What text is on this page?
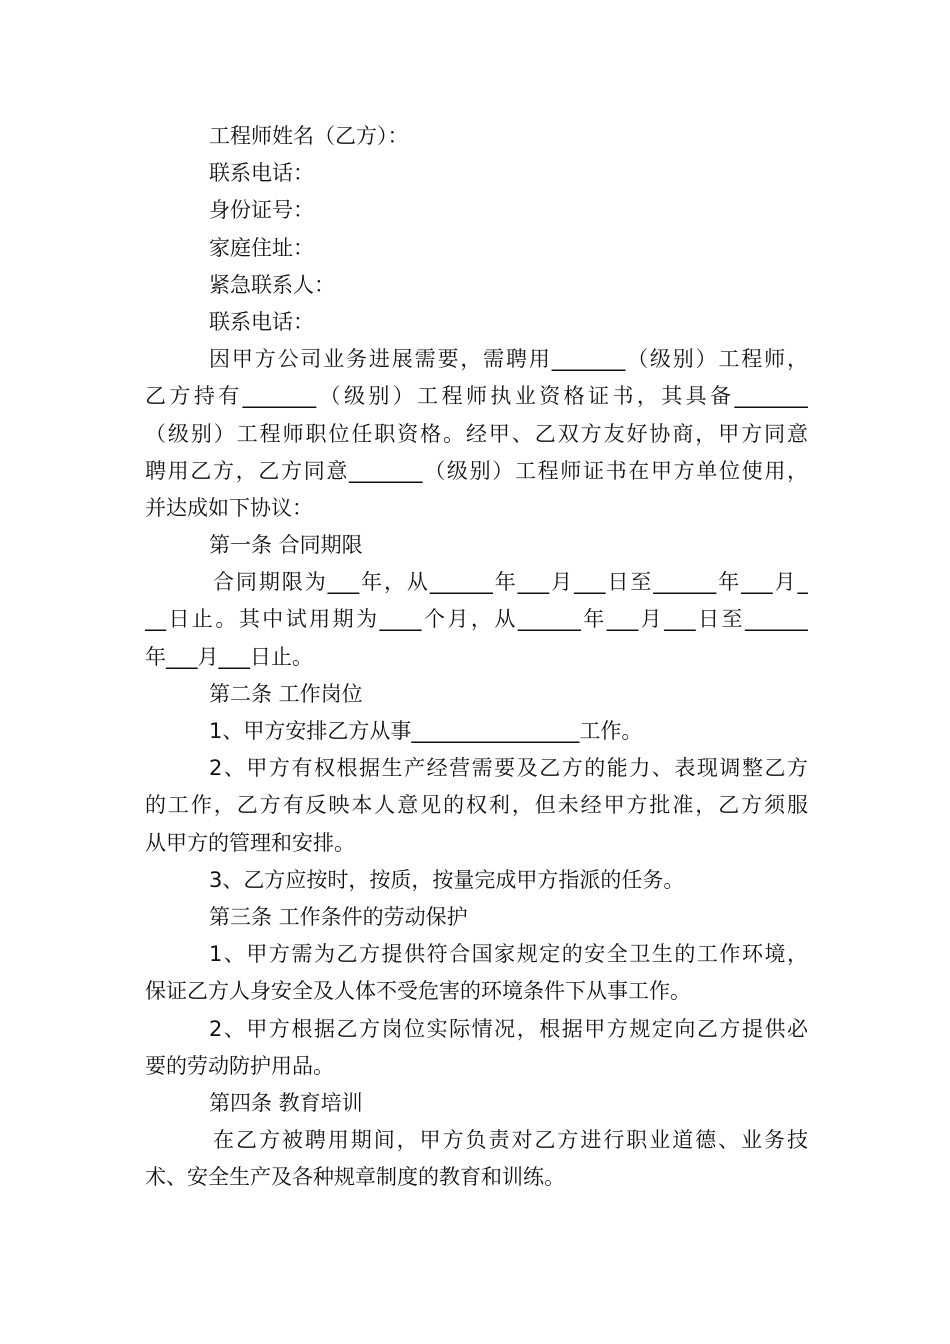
工程师姓名（乙方）：
联系电话：
身份证号：
家庭住址：
紧急联系人：
联系电话：
因甲方公司业务进展需要，需聘用_______（级别）工程师，
乙方持有_______（级别）工程师执业资格证书，其具备_______
（级别）工程师职位任职资格。经甲、乙双方友好协商，甲方同意
聘用乙方，乙方同意_______（级别）工程师证书在甲方单位使用，
并达成如下协议：
第一条 合同期限
合同期限为___年，从______年___月___日至______年___月_
__日止。其中试用期为____个月，从______年___月___日至______
年___月___日止。
第二条 工作岗位
1、甲方安排乙方从事________________工作。
2、甲方有权根据生产经营需要及乙方的能力、表现调整乙方
的工作，乙方有反映本人意见的权利，但未经甲方批准，乙方须服
从甲方的管理和安排。
3、乙方应按时，按质，按量完成甲方指派的任务。
第三条 工作条件的劳动保护
1、甲方需为乙方提供符合国家规定的安全卫生的工作环境，
保证乙方人身安全及人体不受危害的环境条件下从事工作。
2、甲方根据乙方岗位实际情况，根据甲方规定向乙方提供必
要的劳动防护用品。
第四条 教育培训
在乙方被聘用期间，甲方负责对乙方进行职业道德、业务技
术、安全生产及各种规章制度的教育和训练。
